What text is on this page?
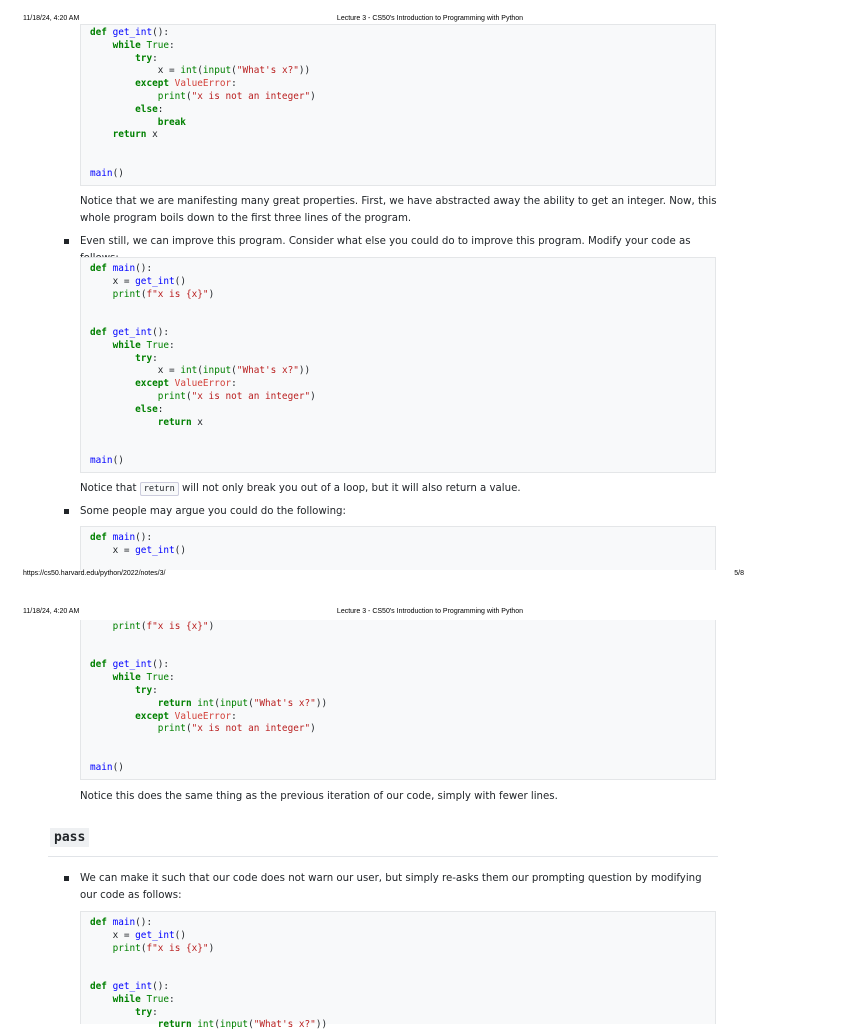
11/18/24, 4:20 AM	Lecture 3 - CS50's Introduction to Programming with Python
def get_int():
while True:
try:
x = int(input("What's x?"))
except ValueError:
print("x is not an integer")
else:
break
return x
main()
Notice that we are manifesting many great properties. First, we have abstracted away the ability to get an integer. Now, this whole program boils down to the first three lines of the program.
Even still, we can improve this program. Consider what else you could do to improve this program. Modify your code as
def main():
x = get_int()
print(f"x is {x}")
def get_int():
while True:
try:
x = int(input("What's x?"))
except ValueError:
print("x is not an integer")
else:
return x
main()
Notice that return will not only break you out of a loop, but it will also return a value.
Some people may argue you could do the following:
def main():
x = get_int()
https://cs50.harvard.edu/python/2022/notes/3/	5/8
11/18/24, 4:20 AM	Lecture 3 - CS50's Introduction to Programming with Python
print(f"x is {x}")
def get_int():
while True:
try:
return int(input("What's x?"))
except ValueError:
print("x is not an integer")
main()
Notice this does the same thing as the previous iteration of our code, simply with fewer lines.
pass
We can make it such that our code does not warn our user, but simply re-asks them our prompting question by modifying our code as follows:
def main():
x = get_int()
print(f"x is {x}")
def get_int():
while True:
try:
return int(input("What's x?"))
